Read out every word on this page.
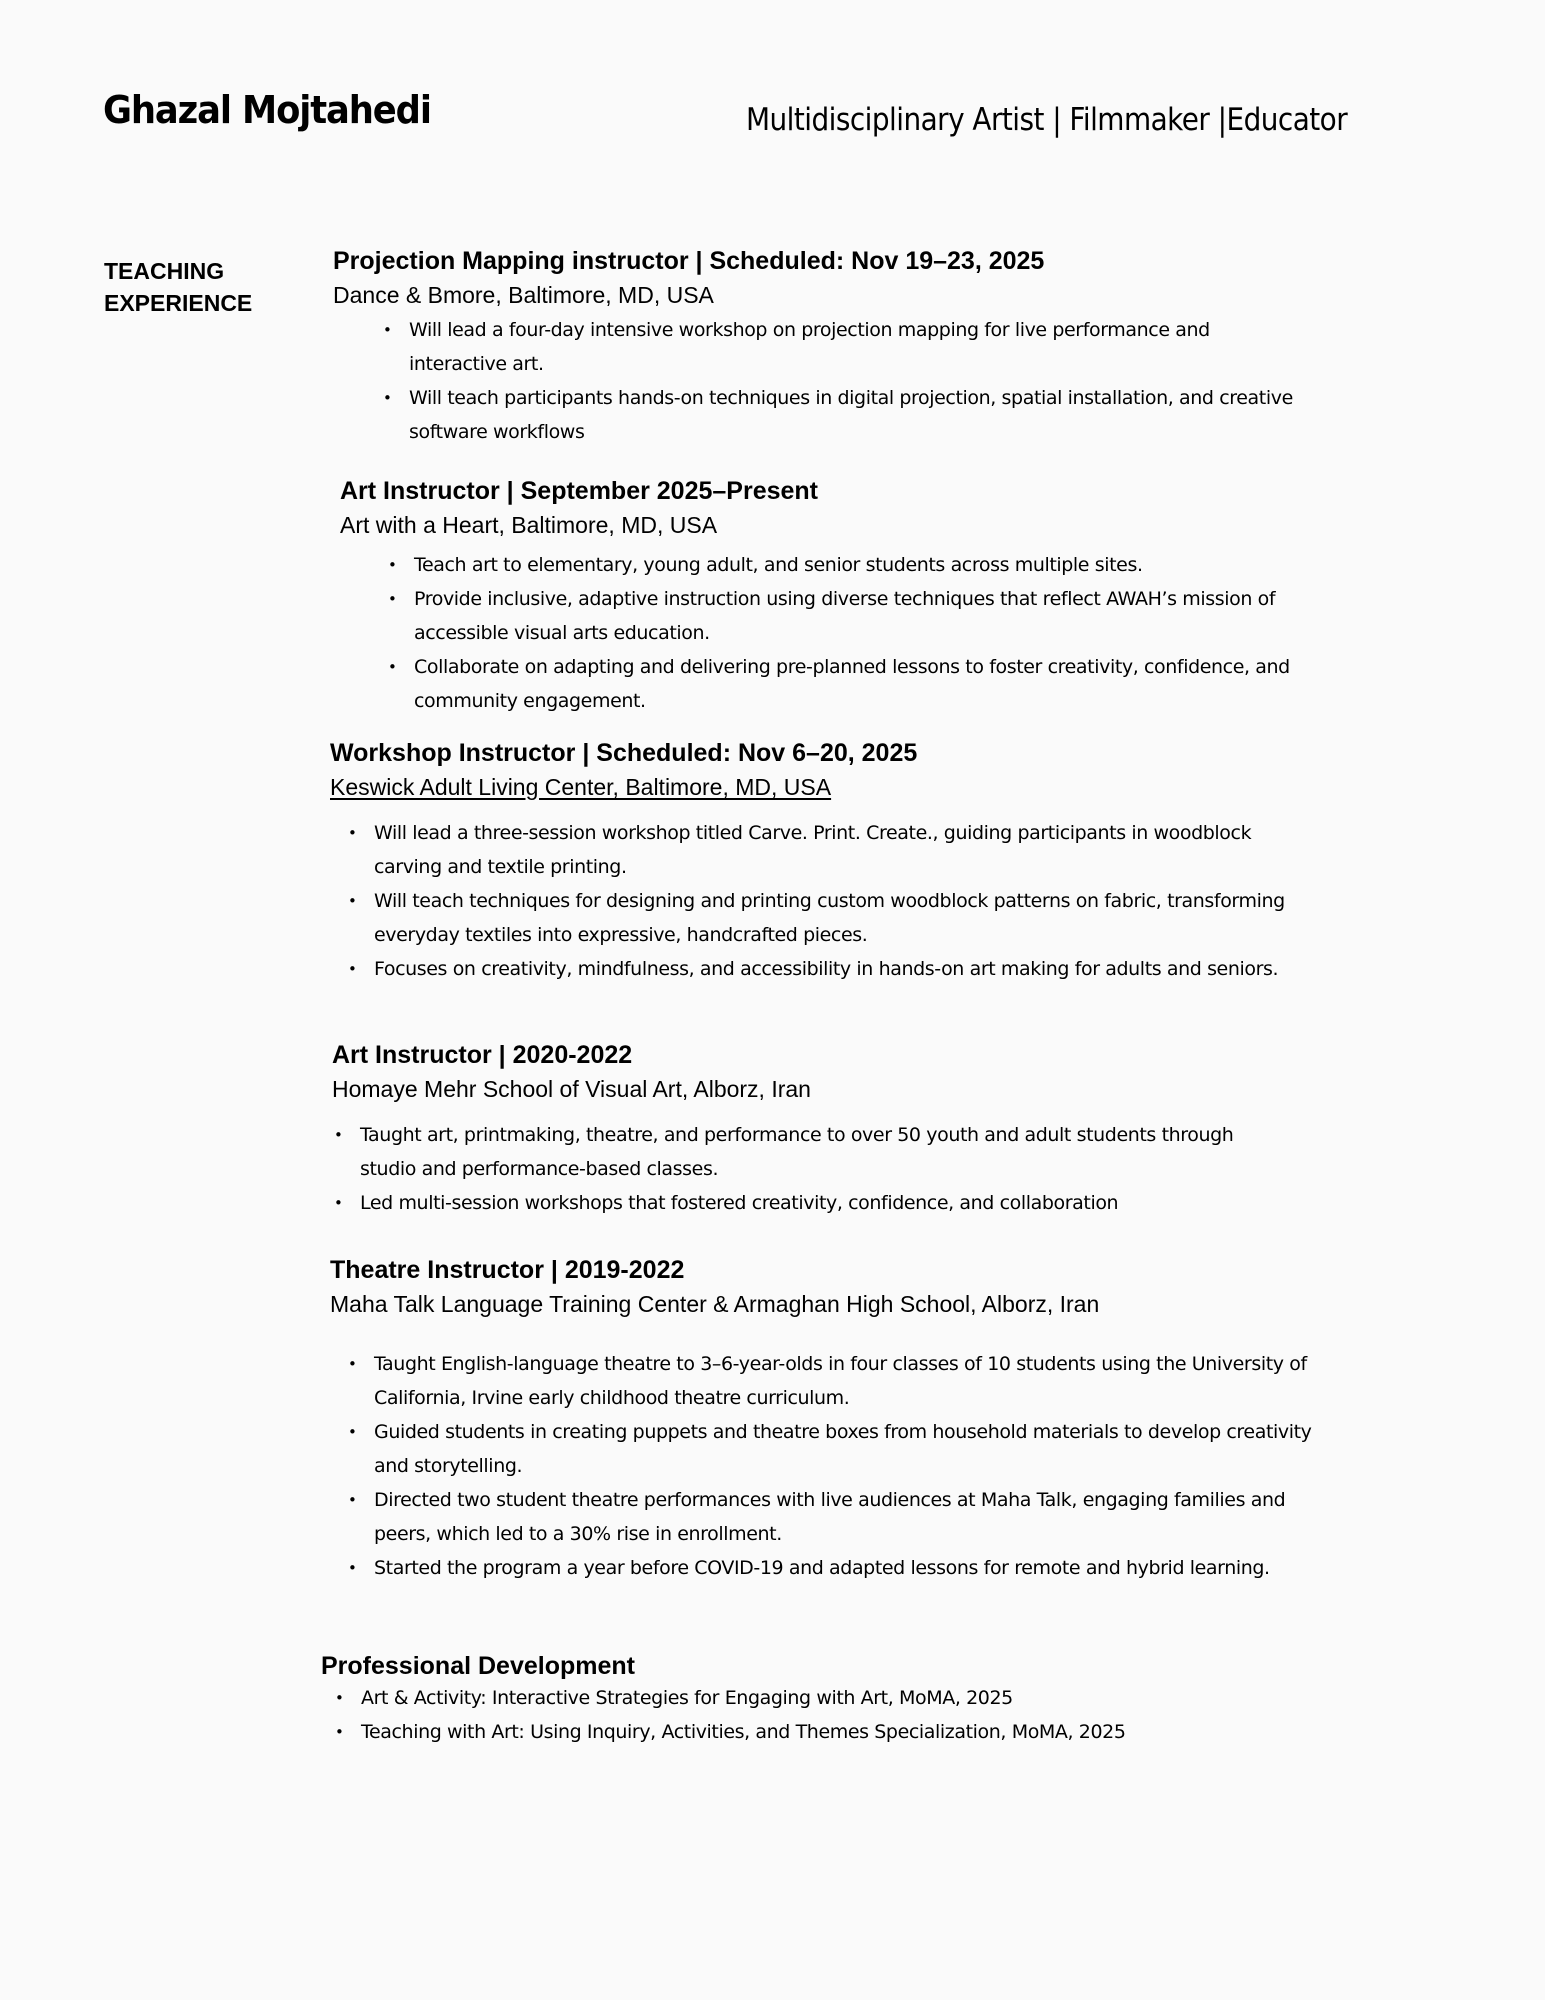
Ghazal Mojtahedi	Multidisciplinary Artist | Filmmaker |Educator
TEACHING
EXPERIENCE
Projection Mapping instructor | Scheduled: Nov 19–23, 2025
Dance & Bmore, Baltimore, MD, USA
• Will lead a four-day intensive workshop on projection mapping for live performance and interactive art.
• Will teach participants hands-on techniques in digital projection, spatial installation, and creative software workflows
Art Instructor | September 2025–Present
Art with a Heart, Baltimore, MD, USA
• Teach art to elementary, young adult, and senior students across multiple sites.
• Provide inclusive, adaptive instruction using diverse techniques that reflect AWAH’s mission of accessible visual arts education.
• Collaborate on adapting and delivering pre-planned lessons to foster creativity, confidence, and community engagement.
Workshop Instructor | Scheduled: Nov 6–20, 2025
Keswick Adult Living Center, Baltimore, MD, USA
• Will lead a three-session workshop titled Carve. Print. Create., guiding participants in woodblock carving and textile printing.
• Will teach techniques for designing and printing custom woodblock patterns on fabric, transforming everyday textiles into expressive, handcrafted pieces.
• Focuses on creativity, mindfulness, and accessibility in hands-on art making for adults and seniors.
Art Instructor | 2020-2022
Homaye Mehr School of Visual Art, Alborz, Iran
• Taught art, printmaking, theatre, and performance to over 50 youth and adult students through studio and performance-based classes.
• Led multi-session workshops that fostered creativity, confidence, and collaboration
Theatre Instructor | 2019-2022
Maha Talk Language Training Center & Armaghan High School, Alborz, Iran
• Taught English-language theatre to 3–6-year-olds in four classes of 10 students using the University of California, Irvine early childhood theatre curriculum.
• Guided students in creating puppets and theatre boxes from household materials to develop creativity and storytelling.
• Directed two student theatre performances with live audiences at Maha Talk, engaging families and peers, which led to a 30% rise in enrollment.
• Started the program a year before COVID-19 and adapted lessons for remote and hybrid learning.
Professional Development
• Art & Activity: Interactive Strategies for Engaging with Art, MoMA, 2025
• Teaching with Art: Using Inquiry, Activities, and Themes Specialization, MoMA, 2025
